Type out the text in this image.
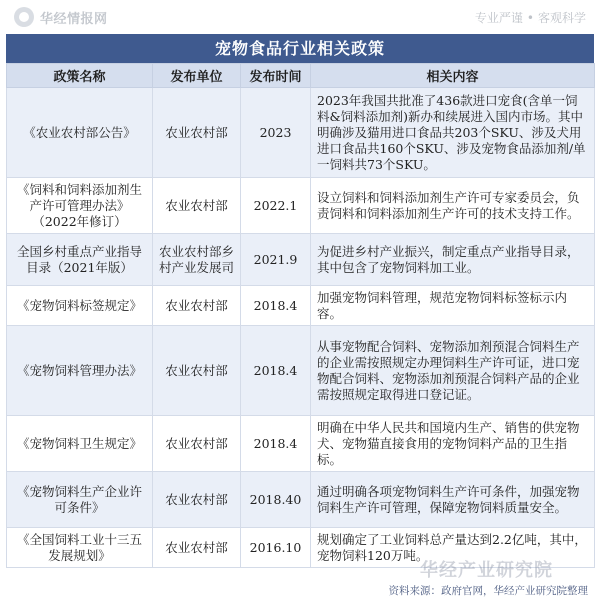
华经情报网	专业严谨 • 客观科学
宠物食品行业相关政策
政策名称	发布单位	发布时间	相关内容
《农业农村部公告》	农业农村部	2023	2023年我国共批准了436款进口宠食(含单一饲料&饲料添加剂)新办和续展进入国内市场。其中明确涉及猫用进口食品共203个SKU、涉及犬用进口食品共160个SKU、涉及宠物食品添加剂/单一饲料共73个SKU。
《饲料和饲料添加剂生产许可管理办法》（2022年修订）	农业农村部	2022.1	设立饲料和饲料添加剂生产许可专家委员会，负责饲料和饲料添加剂生产许可的技术支持工作。
全国乡村重点产业指导目录（2021年版）	农业农村部乡村产业发展司	2021.9	为促进乡村产业振兴，制定重点产业指导目录，其中包含了宠物饲料加工业。
《宠物饲料标签规定》	农业农村部	2018.4	加强宠物饲料管理，规范宠物饲料标签标示内容。
《宠物饲料管理办法》	农业农村部	2018.4	从事宠物配合饲料、宠物添加剂预混合饲料生产的企业需按照规定办理饲料生产许可证，进口宠物配合饲料、宠物添加剂预混合饲料产品的企业需按照规定取得进口登记证。
《宠物饲料卫生规定》	农业农村部	2018.4	明确在中华人民共和国境内生产、销售的供宠物犬、宠物猫直接食用的宠物饲料产品的卫生指标。
《宠物饲料生产企业许可条件》	农业农村部	2018.40	通过明确各项宠物饲料生产许可条件，加强宠物饲料生产许可管理，保障宠物饲料质量安全。
《全国饲料工业十三五发展规划》	农业农村部	2016.10	规划确定了工业饲料总产量达到2.2亿吨，其中，宠物饲料120万吨。
华经产业研究院
资料来源：政府官网，华经产业研究院整理
